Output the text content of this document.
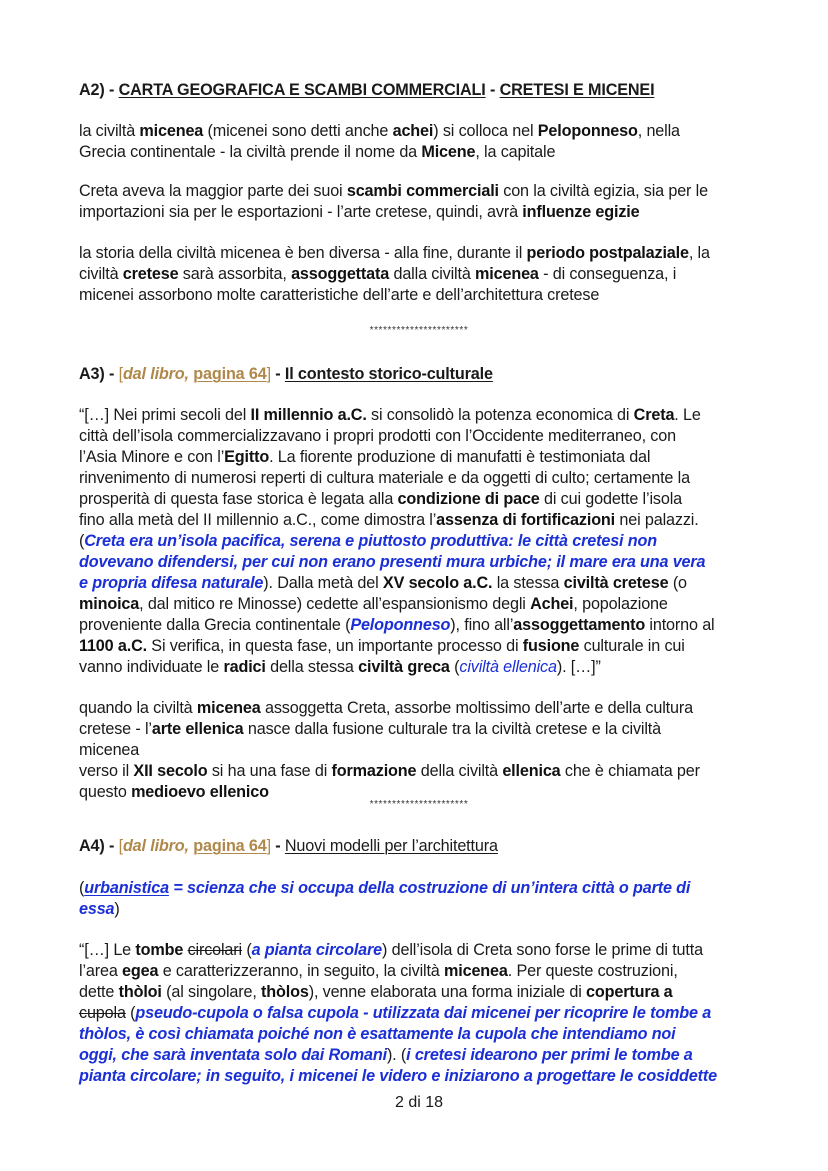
A2) - CARTA GEOGRAFICA E SCAMBI COMMERCIALI - CRETESI E MICENEI
la civiltà micenea (micenei sono detti anche achei) si colloca nel Peloponneso, nella
Grecia continentale - la civiltà prende il nome da Micene, la capitale
Creta aveva la maggior parte dei suoi scambi commerciali con la civiltà egizia, sia per le
importazioni sia per le esportazioni - l’arte cretese, quindi, avrà influenze egizie
la storia della civiltà micenea è ben diversa - alla fine, durante il periodo postpalaziale, la
civiltà cretese sarà assorbita, assoggettata dalla civiltà micenea - di conseguenza, i
micenei assorbono molte caratteristiche dell’arte e dell’architettura cretese
**********************
A3) - [dal libro, pagina 64] - Il contesto storico-culturale
“[…] Nei primi secoli del II millennio a.C. si consolidò la potenza economica di Creta. Le
città dell’isola commercializzavano i propri prodotti con l’Occidente mediterraneo, con
l’Asia Minore e con l’Egitto. La fiorente produzione di manufatti è testimoniata dal
rinvenimento di numerosi reperti di cultura materiale e da oggetti di culto; certamente la
prosperità di questa fase storica è legata alla condizione di pace di cui godette l’isola
fino alla metà del II millennio a.C., come dimostra l’assenza di fortificazioni nei palazzi.
(Creta era un’isola pacifica, serena e piuttosto produttiva: le città cretesi non
dovevano difendersi, per cui non erano presenti mura urbiche; il mare era una vera
e propria difesa naturale). Dalla metà del XV secolo a.C. la stessa civiltà cretese (o
minoica, dal mitico re Minosse) cedette all’espansionismo degli Achei, popolazione
proveniente dalla Grecia continentale (Peloponneso), fino all’assoggettamento intorno al
1100 a.C. Si verifica, in questa fase, un importante processo di fusione culturale in cui
vanno individuate le radici della stessa civiltà greca (civiltà ellenica). […]”
quando la civiltà micenea assoggetta Creta, assorbe moltissimo dell’arte e della cultura
cretese - l’arte ellenica nasce dalla fusione culturale tra la civiltà cretese e la civiltà
micenea
verso il XII secolo si ha una fase di formazione della civiltà ellenica che è chiamata per
questo medioevo ellenico
**********************
A4) - [dal libro, pagina 64] - Nuovi modelli per l’architettura
(urbanistica = scienza che si occupa della costruzione di un’intera città o parte di
essa)
“[…] Le tombe circolari (a pianta circolare) dell’isola di Creta sono forse le prime di tutta
l’area egea e caratterizzeranno, in seguito, la civiltà micenea. Per queste costruzioni,
dette thòloi (al singolare, thòlos), venne elaborata una forma iniziale di copertura a
cupola (pseudo-cupola o falsa cupola - utilizzata dai micenei per ricoprire le tombe a
thòlos, è così chiamata poiché non è esattamente la cupola che intendiamo noi
oggi, che sarà inventata solo dai Romani). (i cretesi idearono per primi le tombe a
pianta circolare; in seguito, i micenei le videro e iniziarono a progettare le cosiddette
2 di 18
